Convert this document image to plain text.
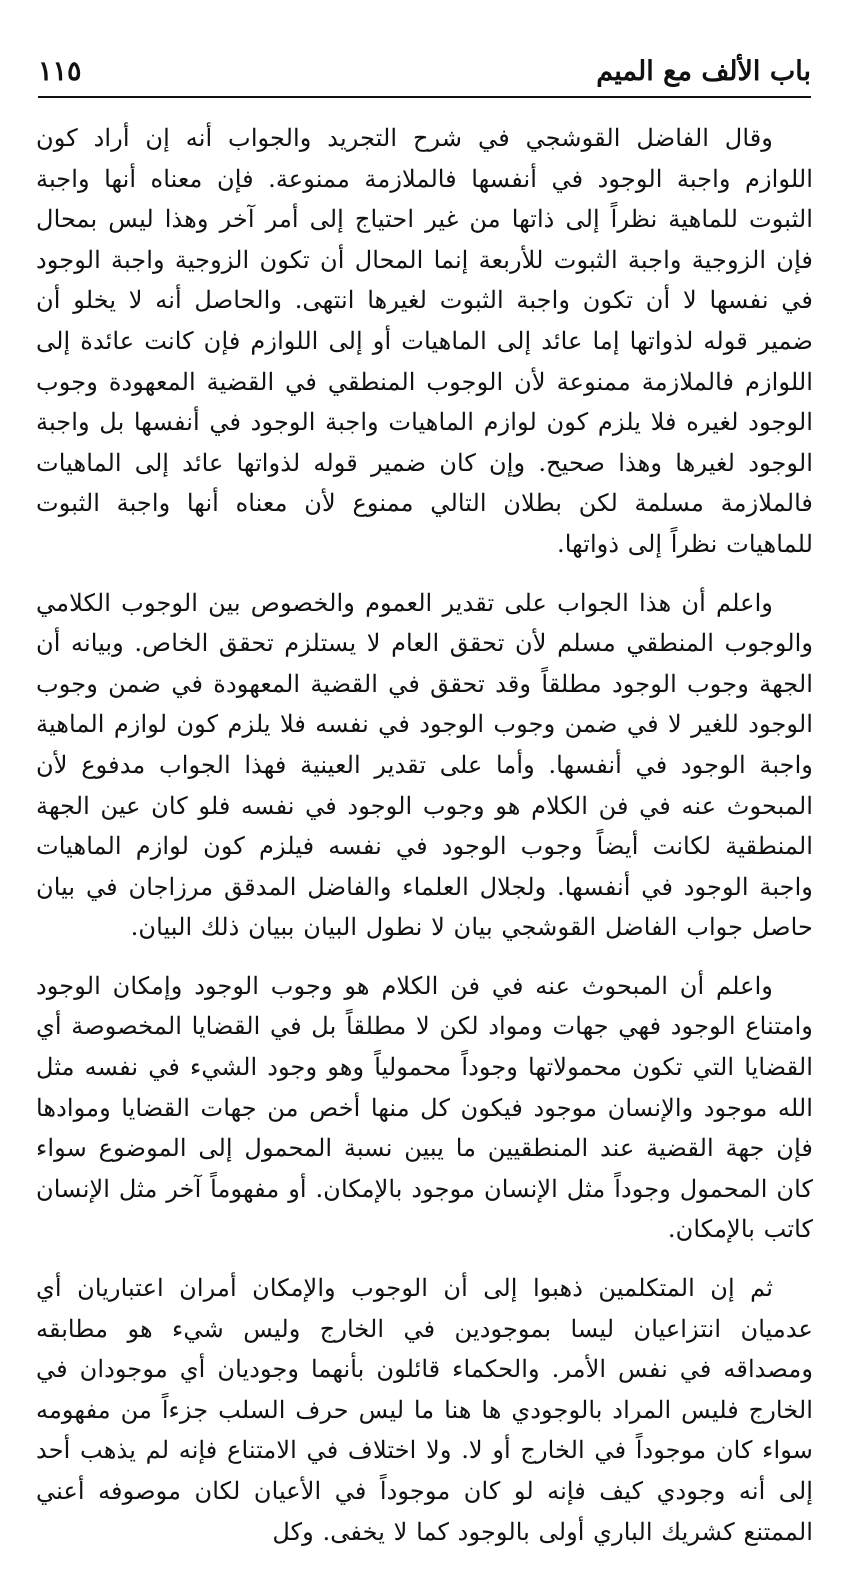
باب الألف مع الميم
١١٥

وقال الفاضل القوشجي في شرح التجريد والجواب أنه إن أراد كون اللوازم واجبة الوجود في أنفسها فالملازمة ممنوعة. فإن معناه أنها واجبة الثبوت للماهية نظراً إلى ذاتها من غير احتياج إلى أمر آخر وهذا ليس بمحال فإن الزوجية واجبة الثبوت للأربعة إنما المحال أن تكون الزوجية واجبة الوجود في نفسها لا أن تكون واجبة الثبوت لغيرها انتهى. والحاصل أنه لا يخلو أن ضمير قوله لذواتها إما عائد إلى الماهيات أو إلى اللوازم فإن كانت عائدة إلى اللوازم فالملازمة ممنوعة لأن الوجوب المنطقي في القضية المعهودة وجوب الوجود لغيره فلا يلزم كون لوازم الماهيات واجبة الوجود في أنفسها بل واجبة الوجود لغيرها وهذا صحيح. وإن كان ضمير قوله لذواتها عائد إلى الماهيات فالملازمة مسلمة لكن بطلان التالي ممنوع لأن معناه أنها واجبة الثبوت للماهيات نظراً إلى ذواتها.

واعلم أن هذا الجواب على تقدير العموم والخصوص بين الوجوب الكلامي والوجوب المنطقي مسلم لأن تحقق العام لا يستلزم تحقق الخاص. وبيانه أن الجهة وجوب الوجود مطلقاً وقد تحقق في القضية المعهودة في ضمن وجوب الوجود للغير لا في ضمن وجوب الوجود في نفسه فلا يلزم كون لوازم الماهية واجبة الوجود في أنفسها. وأما على تقدير العينية فهذا الجواب مدفوع لأن المبحوث عنه في فن الكلام هو وجوب الوجود في نفسه فلو كان عين الجهة المنطقية لكانت أيضاً وجوب الوجود في نفسه فيلزم كون لوازم الماهيات واجبة الوجود في أنفسها. ولجلال العلماء والفاضل المدقق مرزاجان في بيان حاصل جواب الفاضل القوشجي بيان لا نطول البيان ببيان ذلك البيان.

واعلم أن المبحوث عنه في فن الكلام هو وجوب الوجود وإمكان الوجود وامتناع الوجود فهي جهات ومواد لكن لا مطلقاً بل في القضايا المخصوصة أي القضايا التي تكون محمولاتها وجوداً محمولياً وهو وجود الشيء في نفسه مثل الله موجود والإنسان موجود فيكون كل منها أخص من جهات القضايا وموادها فإن جهة القضية عند المنطقيين ما يبين نسبة المحمول إلى الموضوع سواء كان المحمول وجوداً مثل الإنسان موجود بالإمكان. أو مفهوماً آخر مثل الإنسان كاتب بالإمكان.

ثم إن المتكلمين ذهبوا إلى أن الوجوب والإمكان أمران اعتباريان أي عدميان انتزاعيان ليسا بموجودين في الخارج وليس شيء هو مطابقه ومصداقه في نفس الأمر. والحكماء قائلون بأنهما وجوديان أي موجودان في الخارج فليس المراد بالوجودي ها هنا ما ليس حرف السلب جزءاً من مفهومه سواء كان موجوداً في الخارج أو لا. ولا اختلاف في الامتناع فإنه لم يذهب أحد إلى أنه وجودي كيف فإنه لو كان موجوداً في الأعيان لكان موصوفه أعني الممتنع كشريك الباري أولى بالوجود كما لا يخفى. وكل
